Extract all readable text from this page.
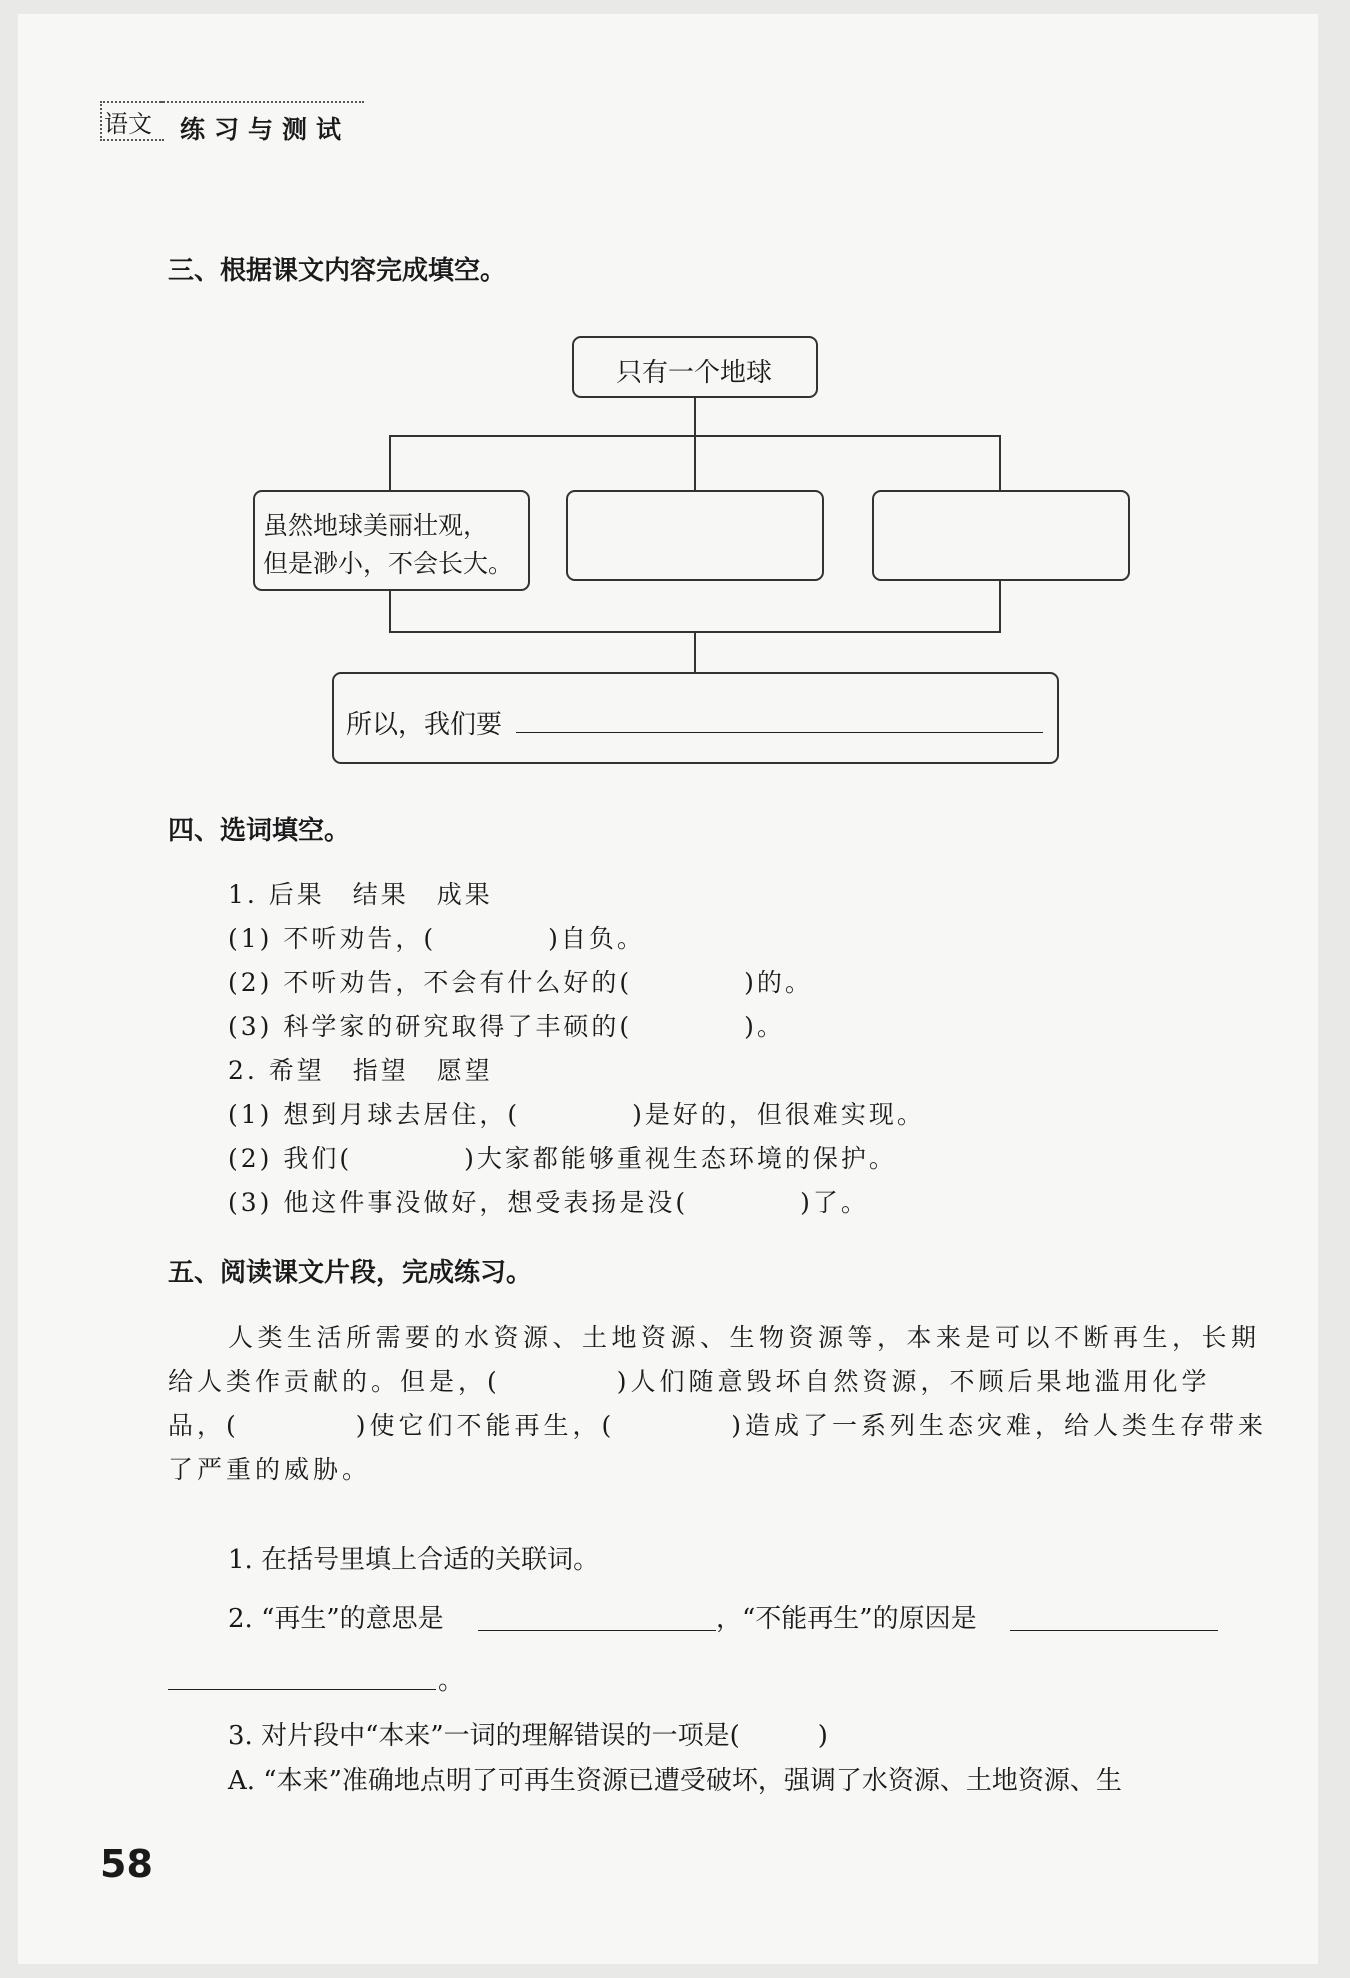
语文 练习与测试
三、根据课文内容完成填空。
只有一个地球
虽然地球美丽壮观，
但是渺小，不会长大。
所以，我们要
四、选词填空。
1. 后果　结果　成果
(1) 不听劝告，(　　　　)自负。
(2) 不听劝告，不会有什么好的(　　　　)的。
(3) 科学家的研究取得了丰硕的(　　　　)。
2. 希望　指望　愿望
(1) 想到月球去居住，(　　　　)是好的，但很难实现。
(2) 我们(　　　　)大家都能够重视生态环境的保护。
(3) 他这件事没做好，想受表扬是没(　　　　)了。
五、阅读课文片段，完成练习。
人类生活所需要的水资源、土地资源、生物资源等，本来是可以不断再生，长期
给人类作贡献的。但是，(　　　　)人们随意毁坏自然资源，不顾后果地滥用化学
品，(　　　　)使它们不能再生，(　　　　)造成了一系列生态灾难，给人类生存带来
了严重的威胁。
1. 在括号里填上合适的关联词。
2. “再生”的意思是	，“不能再生”的原因是
。
3. 对片段中“本来”一词的理解错误的一项是(　　　)
A. “本来”准确地点明了可再生资源已遭受破坏，强调了水资源、土地资源、生
58
